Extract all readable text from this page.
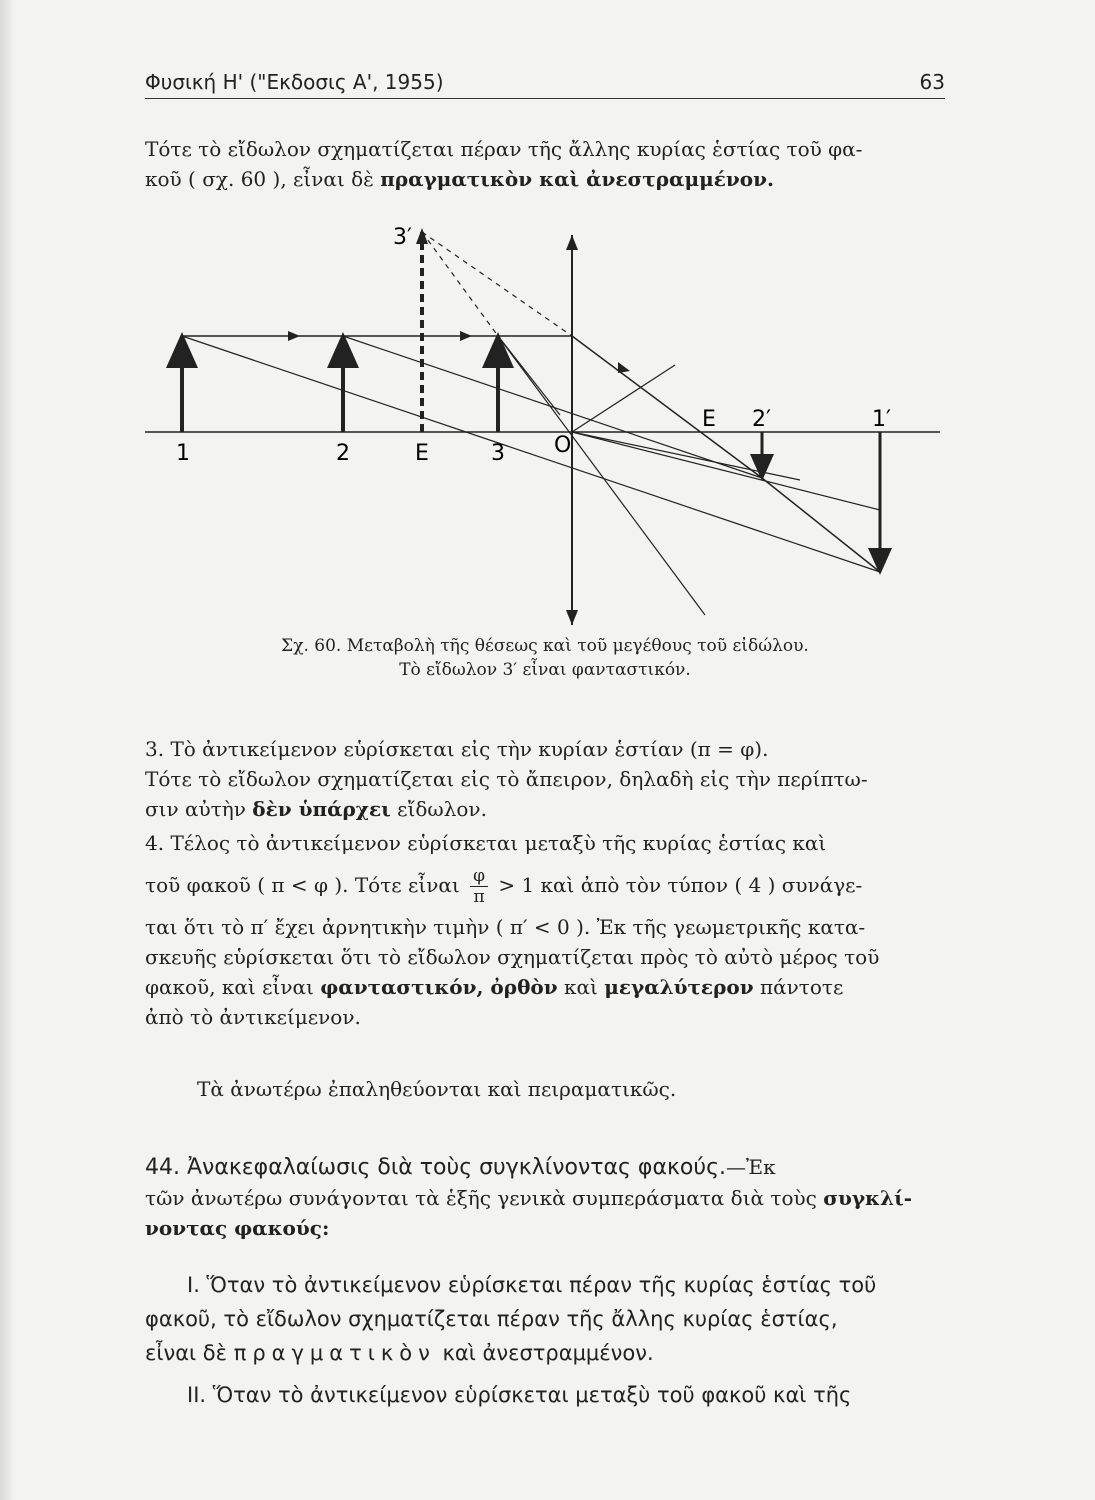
Φυσική Η' ("Εκδοσις Α', 1955)	63
Τότε τὸ εἴδωλον σχηματίζεται πέραν τῆς ἄλλης κυρίας ἑστίας τοῦ φα-
κοῦ ( σχ. 60 ), εἶναι δὲ πραγματικὸν καὶ ἀνεστραμμένον.
1	2	E	3 O
E 2′	1′
3′
Σχ. 60. Μεταβολὴ τῆς θέσεως καὶ τοῦ μεγέθους τοῦ εἰδώλου.
Τὸ εἴδωλον 3′ εἶναι φανταστικόν.
3. Τὸ ἀντικείμενον εὑρίσκεται εἰς τὴν κυρίαν ἑστίαν (π = φ).
Τότε τὸ εἴδωλον σχηματίζεται εἰς τὸ ἄπειρον, δηλαδὴ εἰς τὴν περίπτω-
σιν αὐτὴν δὲν ὑπάρχει εἴδωλον.
4. Τέλος τὸ ἀντικείμενον εὑρίσκεται μεταξὺ τῆς κυρίας ἑστίας καὶ
τοῦ φακοῦ ( π < φ ). Τότε εἶναι $\frac{\varphi}{\pi} > 1$ καὶ ἀπὸ τὸν τύπον ( 4 ) συνάγε-
ται ὅτι τὸ π′ ἔχει ἀρνητικὴν τιμὴν ( π′ < 0 ). Ἐκ τῆς γεωμετρικῆς κατα-
σκευῆς εὑρίσκεται ὅτι τὸ εἴδωλον σχηματίζεται πρὸς τὸ αὐτὸ μέρος τοῦ
φακοῦ, καὶ εἶναι φανταστικόν, ὀρθὸν καὶ μεγαλύτερον πάντοτε
ἀπὸ τὸ ἀντικείμενον.
Τὰ ἀνωτέρω ἐπαληθεύονται καὶ πειραματικῶς.
44. Ἀνακεφαλαίωσις διὰ τοὺς συγκλίνοντας φακούς.—Ἐκ
τῶν ἀνωτέρω συνάγονται τὰ ἑξῆς γενικὰ συμπεράσματα διὰ τοὺς συγκλί-
νοντας φακούς:
Ι. Ὅταν τὸ ἀντικείμενον εὑρίσκεται πέραν τῆς κυρίας ἑστίας τοῦ
φακοῦ, τὸ εἴδωλον σχηματίζεται πέραν τῆς ἄλλης κυρίας ἑστίας,
εἶναι δὲ πραγματικὸν καὶ ἀνεστραμμένον.
ΙΙ. Ὅταν τὸ ἀντικείμενον εὑρίσκεται μεταξὺ τοῦ φακοῦ καὶ τῆς
